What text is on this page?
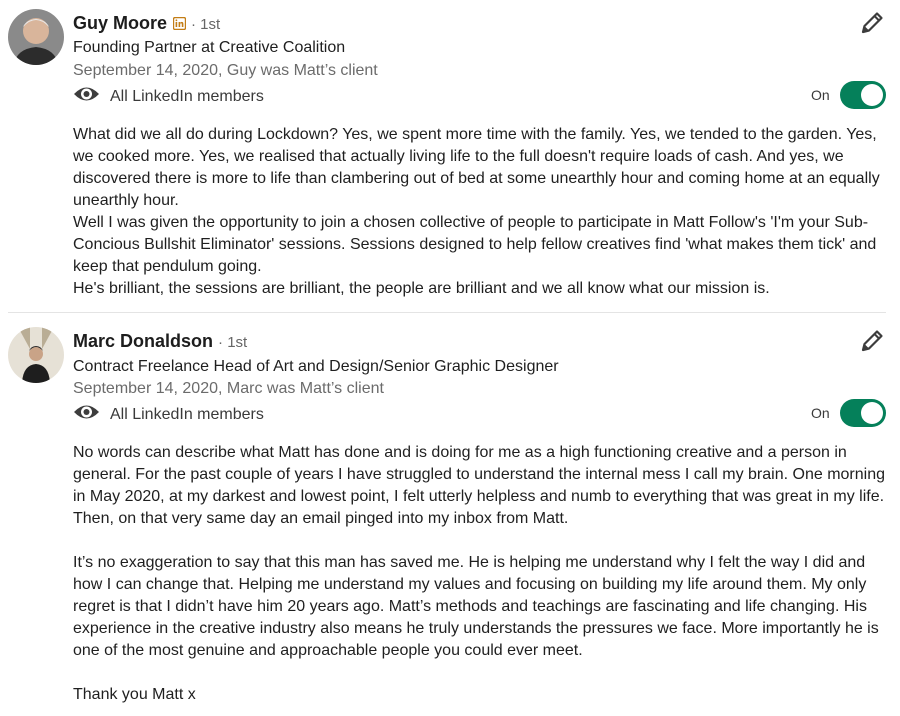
Guy Moore · 1st
Founding Partner at Creative Coalition
September 14, 2020, Guy was Matt’s client
All LinkedIn members	On

What did we all do during Lockdown? Yes, we spent more time with the family. Yes, we tended to the garden. Yes, we cooked more. Yes, we realised that actually living life to the full doesn't require loads of cash. And yes, we discovered there is more to life than clambering out of bed at some unearthly hour and coming home at an equally unearthly hour.

Well I was given the opportunity to join a chosen collective of people to participate in Matt Follow's 'I'm your Sub-Concious Bullshit Eliminator' sessions. Sessions designed to help fellow creatives find 'what makes them tick' and keep that pendulum going.

He's brilliant, the sessions are brilliant, the people are brilliant and we all know what our mission is.

Marc Donaldson · 1st
Contract Freelance Head of Art and Design/Senior Graphic Designer
September 14, 2020, Marc was Matt’s client
All LinkedIn members	On

No words can describe what Matt has done and is doing for me as a high functioning creative and a person in general. For the past couple of years I have struggled to understand the internal mess I call my brain. One morning in May 2020, at my darkest and lowest point, I felt utterly helpless and numb to everything that was great in my life. Then, on that very same day an email pinged into my inbox from Matt.

It’s no exaggeration to say that this man has saved me. He is helping me understand why I felt the way I did and how I can change that. Helping me understand my values and focusing on building my life around them. My only regret is that I didn’t have him 20 years ago. Matt’s methods and teachings are fascinating and life changing. His experience in the creative industry also means he truly understands the pressures we face. More importantly he is one of the most genuine and approachable people you could ever meet.

Thank you Matt x
